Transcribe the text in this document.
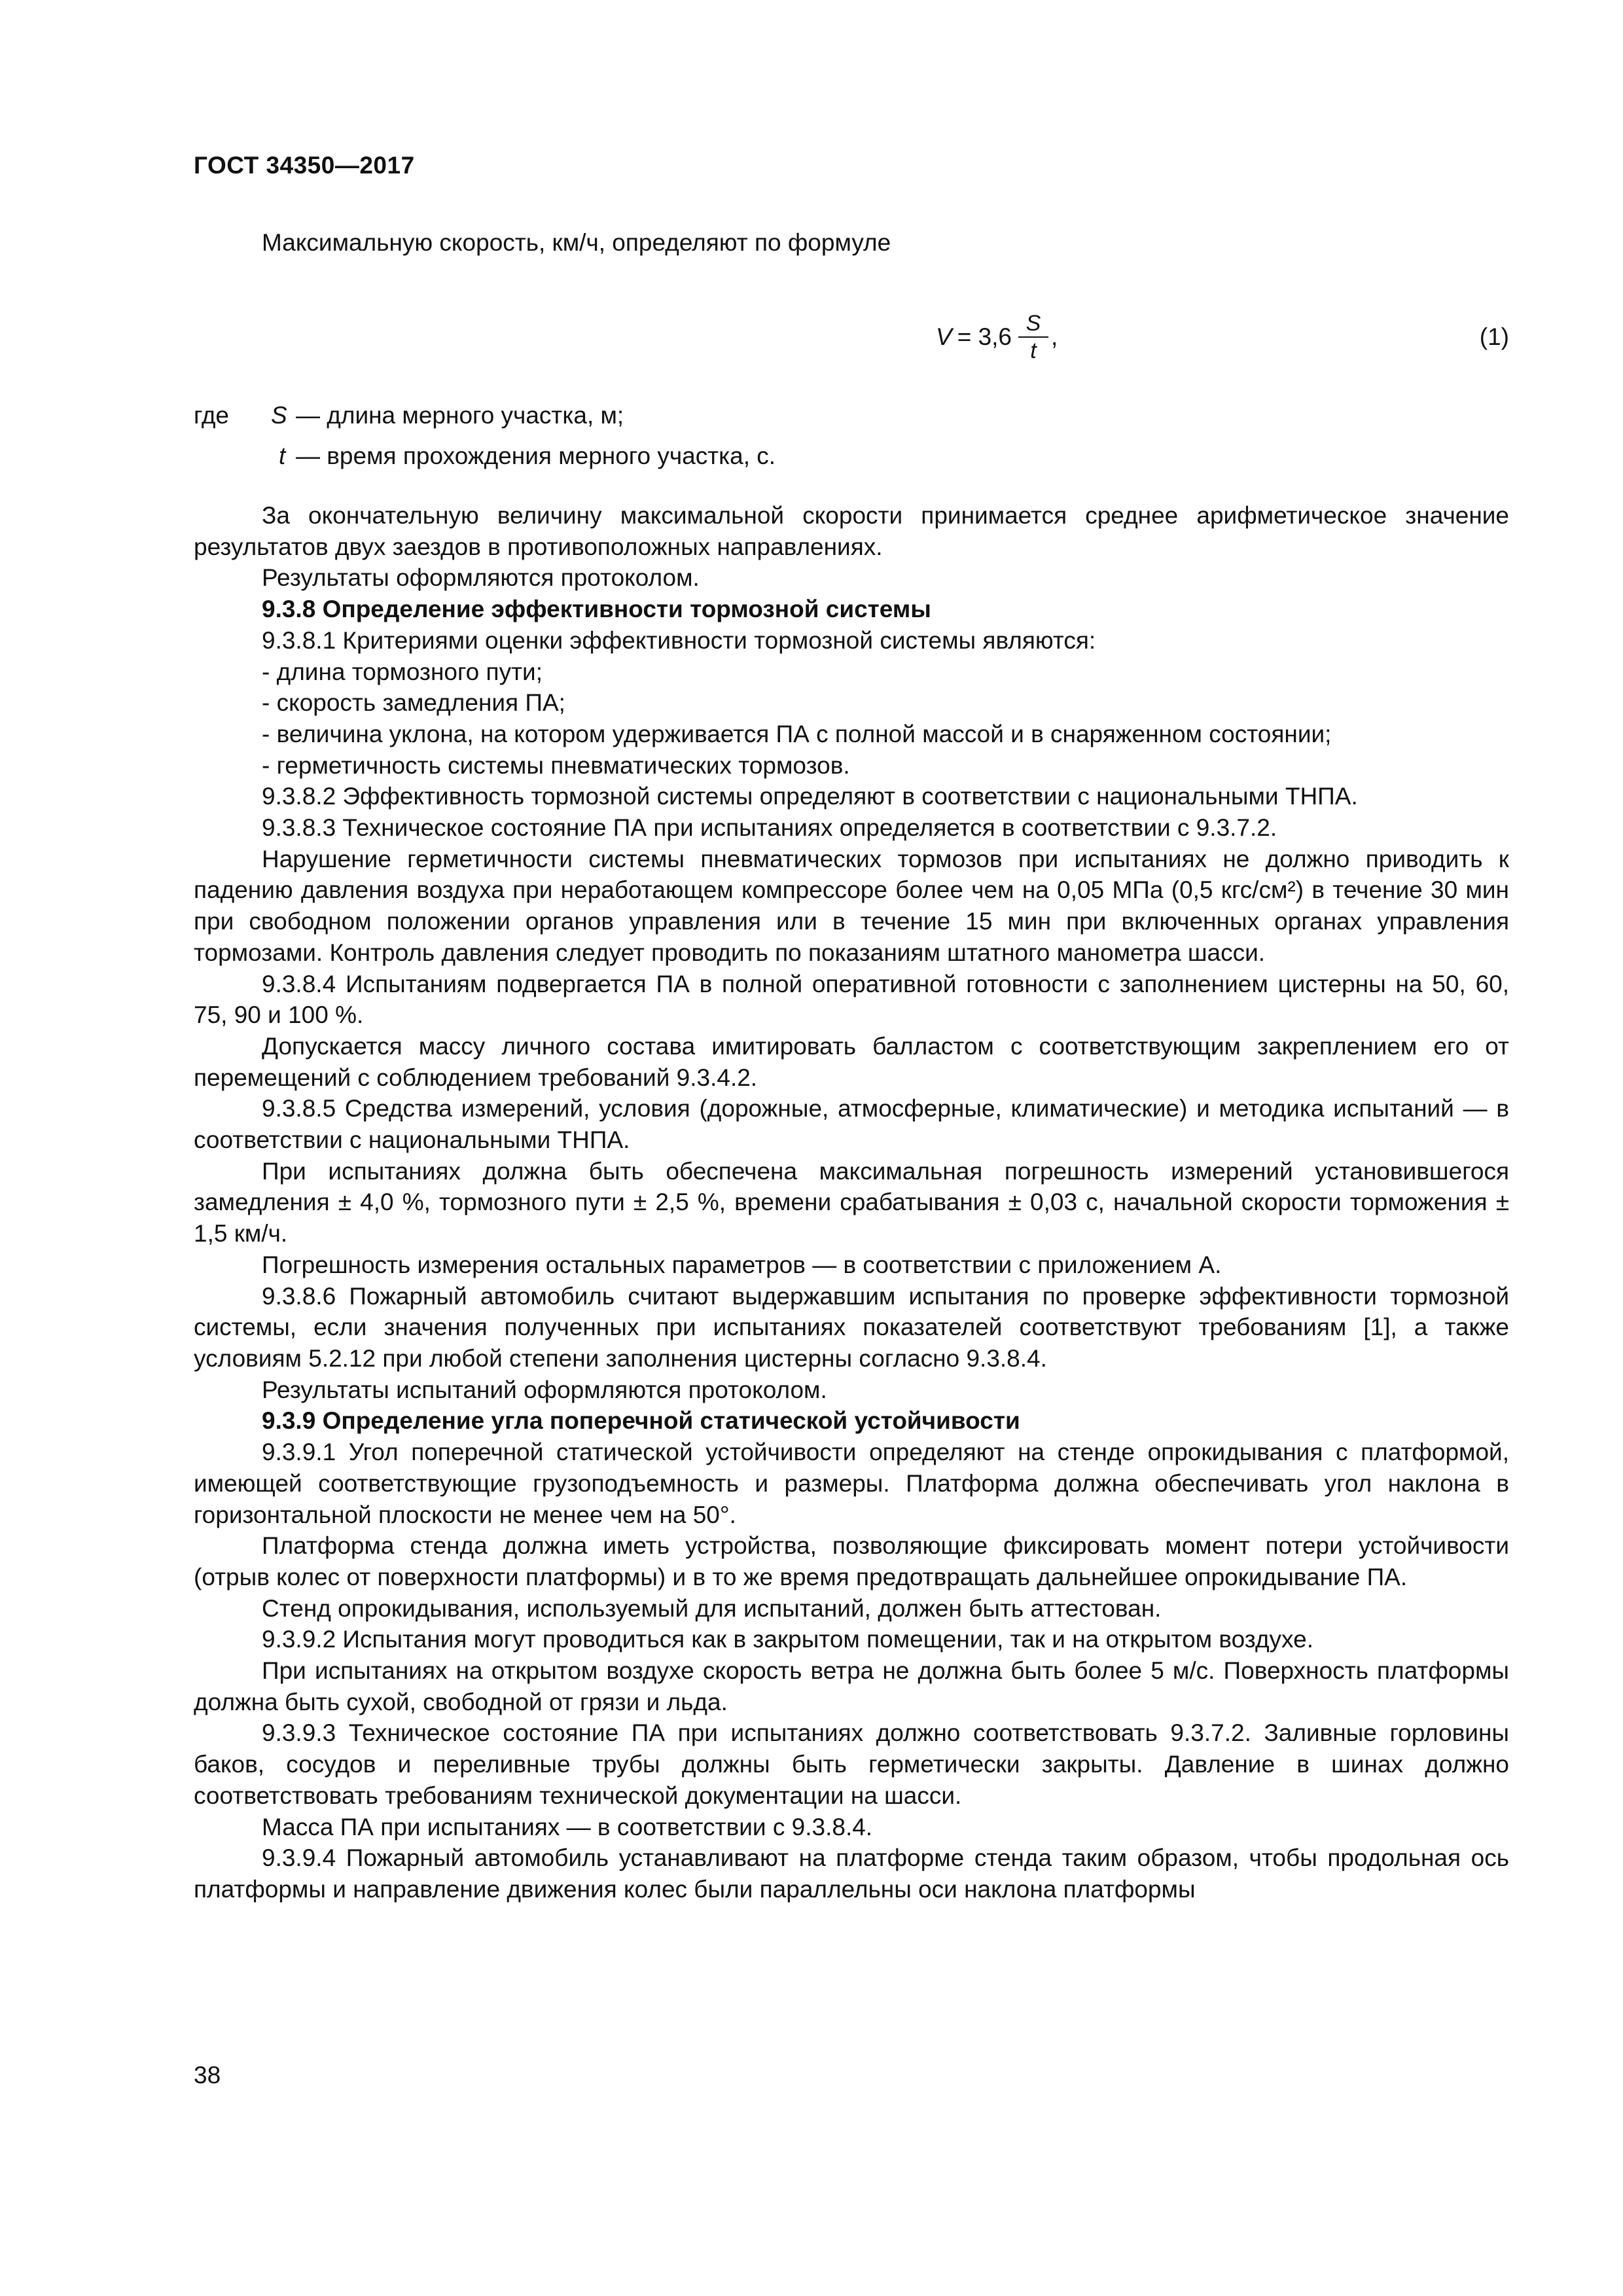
ГОСТ 34350—2017
Максимальную скорость, км/ч, определяют по формуле
$V = 3,6 \frac{S}{t}$ ,	(1)
где S — длина мерного участка, м;
t — время прохождения мерного участка, с.

За окончательную величину максимальной скорости принимается среднее арифметическое значение результатов двух заездов в противоположных направлениях.

Результаты оформляются протоколом.

9.3.8 Определение эффективности тормозной системы

9.3.8.1 Критериями оценки эффективности тормозной системы являются:

- длина тормозного пути;

- скорость замедления ПА;

- величина уклона, на котором удерживается ПА с полной массой и в снаряженном состоянии;

- герметичность системы пневматических тормозов.

9.3.8.2 Эффективность тормозной системы определяют в соответствии с национальными ТНПА.

9.3.8.3 Техническое состояние ПА при испытаниях определяется в соответствии с 9.3.7.2.

Нарушение герметичности системы пневматических тормозов при испытаниях не должно приводить к падению давления воздуха при неработающем компрессоре более чем на 0,05 МПа (0,5 кгс/см²) в течение 30 мин при свободном положении органов управления или в течение 15 мин при включенных органах управления тормозами. Контроль давления следует проводить по показаниям штатного манометра шасси.

9.3.8.4 Испытаниям подвергается ПА в полной оперативной готовности с заполнением цистерны на 50, 60, 75, 90 и 100 %.

Допускается массу личного состава имитировать балластом с соответствующим закреплением его от перемещений с соблюдением требований 9.3.4.2.

9.3.8.5 Средства измерений, условия (дорожные, атмосферные, климатические) и методика испытаний — в соответствии с национальными ТНПА.

При испытаниях должна быть обеспечена максимальная погрешность измерений установившегося замедления ± 4,0 %, тормозного пути ± 2,5 %, времени срабатывания ± 0,03 с, начальной скорости торможения ± 1,5 км/ч.

Погрешность измерения остальных параметров — в соответствии с приложением А.

9.3.8.6 Пожарный автомобиль считают выдержавшим испытания по проверке эффективности тормозной системы, если значения полученных при испытаниях показателей соответствуют требованиям [1], а также условиям 5.2.12 при любой степени заполнения цистерны согласно 9.3.8.4.

Результаты испытаний оформляются протоколом.

9.3.9 Определение угла поперечной статической устойчивости

9.3.9.1 Угол поперечной статической устойчивости определяют на стенде опрокидывания с платформой, имеющей соответствующие грузоподъемность и размеры. Платформа должна обеспечивать угол наклона в горизонтальной плоскости не менее чем на 50°.

Платформа стенда должна иметь устройства, позволяющие фиксировать момент потери устойчивости (отрыв колес от поверхности платформы) и в то же время предотвращать дальнейшее опрокидывание ПА.

Стенд опрокидывания, используемый для испытаний, должен быть аттестован.

9.3.9.2 Испытания могут проводиться как в закрытом помещении, так и на открытом воздухе.

При испытаниях на открытом воздухе скорость ветра не должна быть более 5 м/с. Поверхность платформы должна быть сухой, свободной от грязи и льда.

9.3.9.3 Техническое состояние ПА при испытаниях должно соответствовать 9.3.7.2. Заливные горловины баков, сосудов и переливные трубы должны быть герметически закрыты. Давление в шинах должно соответствовать требованиям технической документации на шасси.

Масса ПА при испытаниях — в соответствии с 9.3.8.4.

9.3.9.4 Пожарный автомобиль устанавливают на платформе стенда таким образом, чтобы продольная ось платформы и направление движения колес были параллельны оси наклона платформы

38
